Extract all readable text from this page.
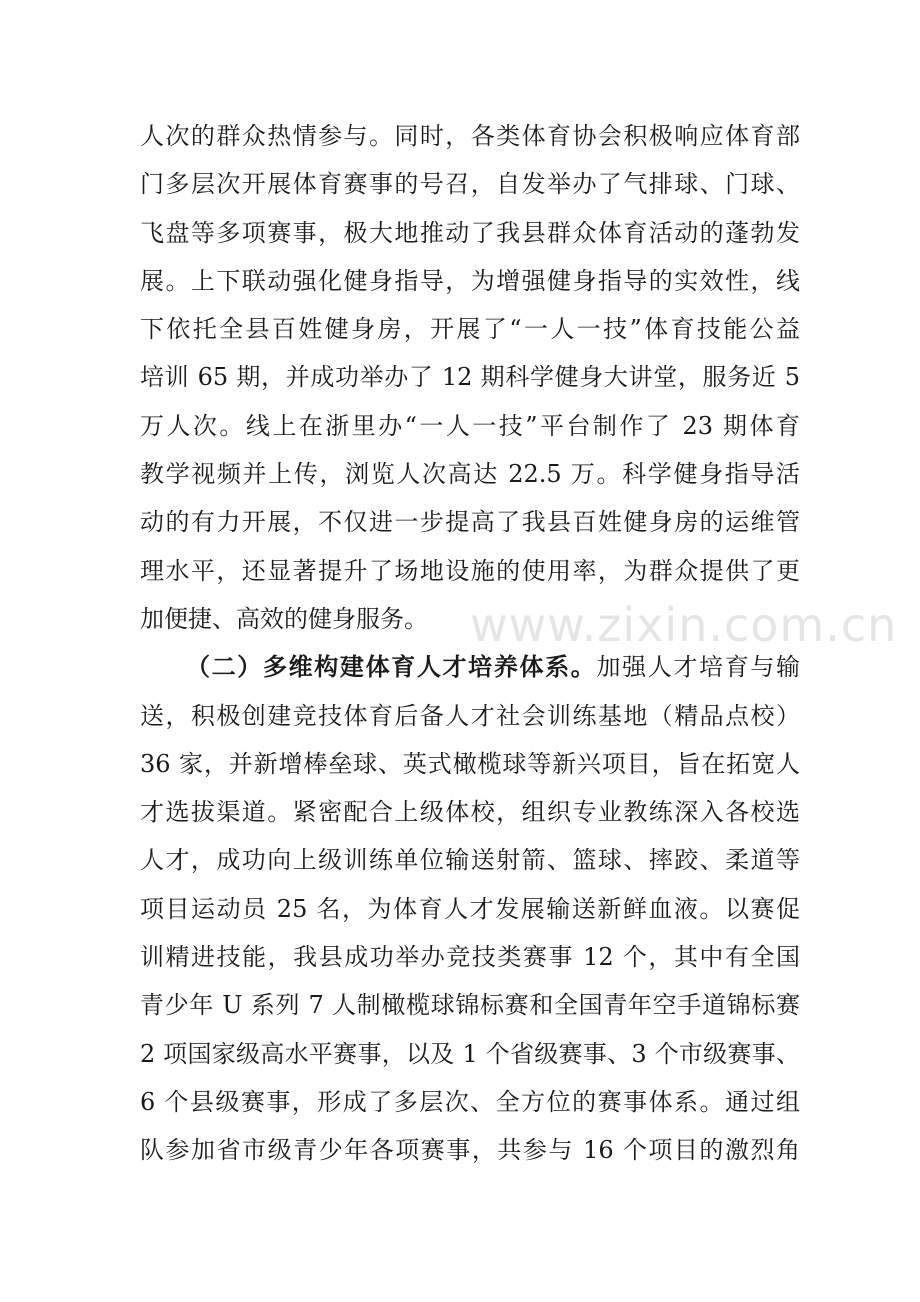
人次的群众热情参与。同时，各类体育协会积极响应体育部
门多层次开展体育赛事的号召，自发举办了气排球、门球、
飞盘等多项赛事，极大地推动了我县群众体育活动的蓬勃发
展。上下联动强化健身指导，为增强健身指导的实效性，线
下依托全县百姓健身房，开展了“一人一技”体育技能公益
培训 65 期，并成功举办了 12 期科学健身大讲堂，服务近 5
万人次。线上在浙里办“一人一技”平台制作了 23 期体育
教学视频并上传，浏览人次高达 22.5 万。科学健身指导活
动的有力开展，不仅进一步提高了我县百姓健身房的运维管
理水平，还显著提升了场地设施的使用率，为群众提供了更
加便捷、高效的健身服务。
（二）多维构建体育人才培养体系。加强人才培育与输
送，积极创建竞技体育后备人才社会训练基地（精品点校）
36 家，并新增棒垒球、英式橄榄球等新兴项目，旨在拓宽人
才选拔渠道。紧密配合上级体校，组织专业教练深入各校选
人才，成功向上级训练单位输送射箭、篮球、摔跤、柔道等
项目运动员 25 名，为体育人才发展输送新鲜血液。以赛促
训精进技能，我县成功举办竞技类赛事 12 个，其中有全国
青少年 U 系列 7 人制橄榄球锦标赛和全国青年空手道锦标赛
2 项国家级高水平赛事，以及 1 个省级赛事、3 个市级赛事、
6 个县级赛事，形成了多层次、全方位的赛事体系。通过组
队参加省市级青少年各项赛事，共参与 16 个项目的激烈角
www.zixin.com.cn
